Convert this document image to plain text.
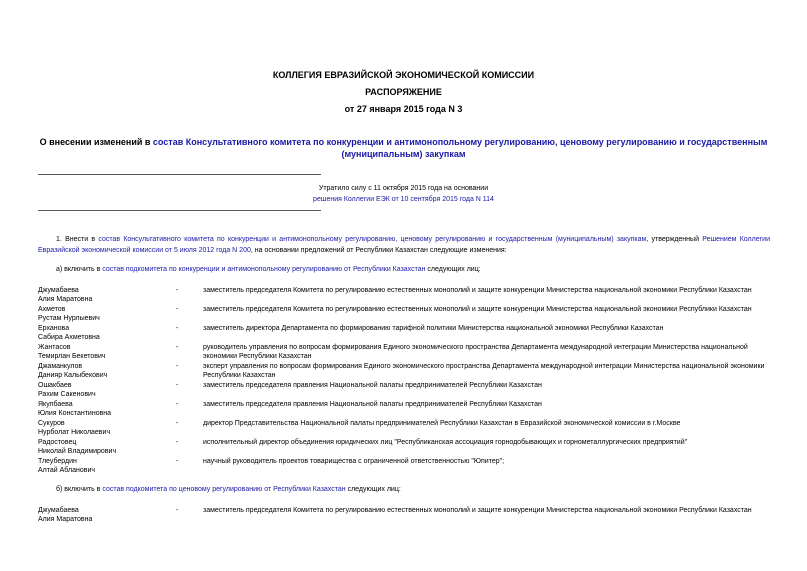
КОЛЛЕГИЯ ЕВРАЗИЙСКОЙ ЭКОНОМИЧЕСКОЙ КОМИССИИ
РАСПОРЯЖЕНИЕ
от 27 января 2015 года N 3
О внесении изменений в состав Консультативного комитета по конкуренции и антимонопольному регулированию, ценовому регулированию и государственным (муниципальным) закупкам
Утратило силу с 11 октября 2015 года на основании
решения Коллегии ЕЭК от 10 сентября 2015 года N 114
1. Внести в состав Консультативного комитета по конкуренции и антимонопольному регулированию, ценовому регулированию и государственным (муниципальным) закупкам, утвержденный Решением Коллегии Евразийской экономической комиссии от 5 июля 2012 года N 200, на основании предложений от Республики Казахстан следующие изменения:
а) включить в состав подкомитета по конкуренции и антимонопольному регулированию от Республики Казахстан следующих лиц:
Джумабаева
Алия Маратовна
-	заместитель председателя Комитета по регулированию естественных монополий и защите конкуренции Министерства национальной экономики Республики Казахстан
Ахметов
Рустам Нурлыевич
-	заместитель председателя Комитета по регулированию естественных монополий и защите конкуренции Министерства национальной экономики Республики Казахстан
Ерханова
Сабира Ахметовна
-	заместитель директора Департамента по формированию тарифной политики Министерства национальной экономики Республики Казахстан
Жантасов
Темирлан Бекетович
-	руководитель управления по вопросам формирования Единого экономического пространства Департамента международной интеграции Министерства национальной экономики Республики Казахстан
Джаманкулов
Данияр Калыбекович
-	эксперт управления по вопросам формирования Единого экономического пространства Департамента международной интеграции Министерства национальной экономики Республики Казахстан
Ошакбаев
Рахим Сакенович
-	заместитель председателя правления Национальной палаты предпринимателей Республики Казахстан
Якупбаева
Юлия Константиновна
-	заместитель председателя правления Национальной палаты предпринимателей Республики Казахстан
Сукуров
Нурболат Николаевич
-	директор Представительства Национальной палаты предпринимателей Республики Казахстан в Евразийской экономической комиссии в г.Москве
Радостовец
Николай Владимирович
-	исполнительный директор объединения юридических лиц "Республиканская ассоциация горнодобывающих и горнометаллургических предприятий"
Тлеубердин
Алтай Абланович
-	научный руководитель проектов товарищества с ограниченной ответственностью "Юпитер";
б) включить в состав подкомитета по ценовому регулированию от Республики Казахстан следующих лиц:
Джумабаева
Алия Маратовна
-	заместитель председателя Комитета по регулированию естественных монополий и защите конкуренции Министерства национальной экономики Республики Казахстан
